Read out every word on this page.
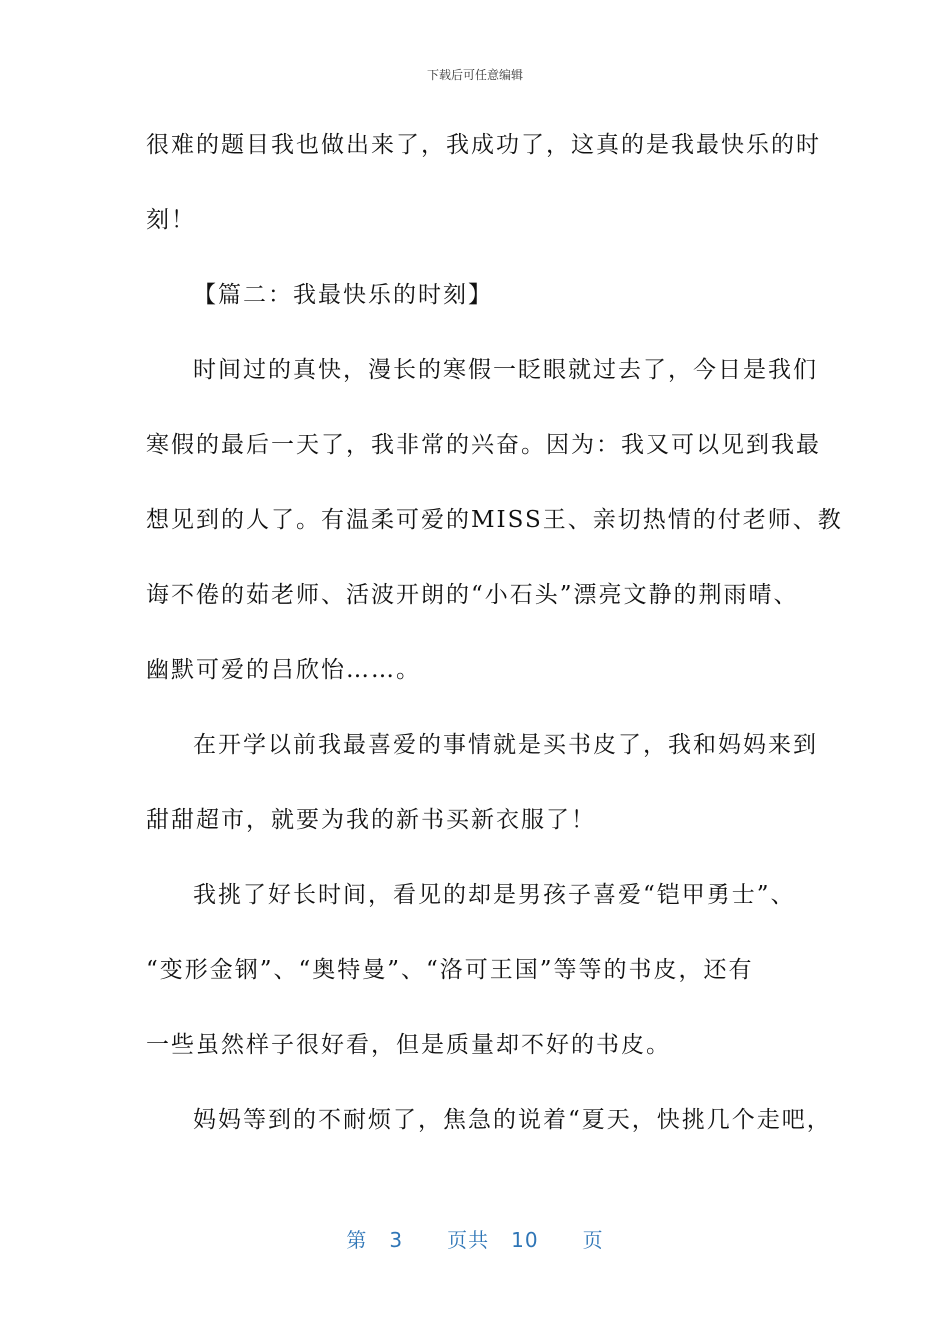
下载后可任意编辑
很难的题目我也做出来了，我成功了，这真的是我最快乐的时
刻！
【篇二：我最快乐的时刻】
时间过的真快，漫长的寒假一眨眼就过去了，今日是我们
寒假的最后一天了，我非常的兴奋。因为：我又可以见到我最
想见到的人了。有温柔可爱的MISS王、亲切热情的付老师、教
诲不倦的茹老师、活波开朗的“小石头”漂亮文静的荆雨晴、
幽默可爱的吕欣怡……。
在开学以前我最喜爱的事情就是买书皮了，我和妈妈来到
甜甜超市，就要为我的新书买新衣服了！
我挑了好长时间，看见的却是男孩子喜爱“铠甲勇士”、
“变形金钢”、“奥特曼”、“洛可王国”等等的书皮，还有
一些虽然样子很好看，但是质量却不好的书皮。
妈妈等到的不耐烦了，焦急的说着“夏天，快挑几个走吧，
第 3 页共 10 页
